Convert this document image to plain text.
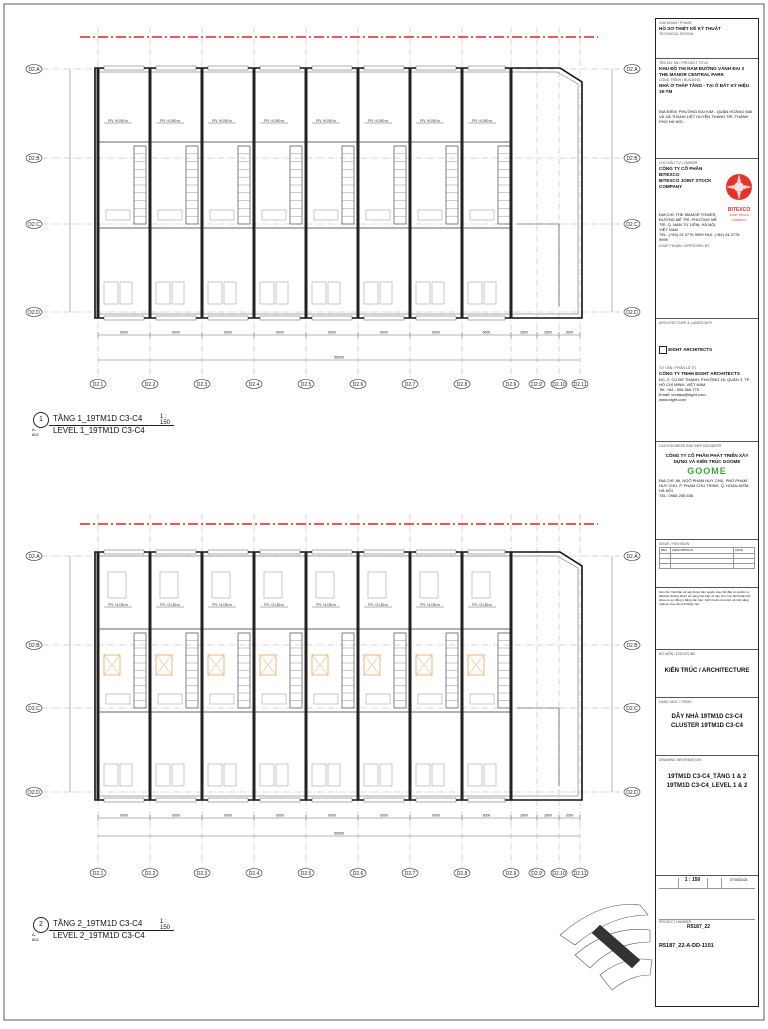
D2.A	D2.A
D2.B	D2.B
D2.C	D2.C
D2.D	D2.D
D2.1	D2.2	D2.3	D2.4	D2.5	D2.6	D2.7	D2.8	D2.9	D2.9' D2.10 D2.11
FFL +0.000 m	FFL +0.000 m	FFL +0.000 m	FFL +0.000 m	FFL +0.000 m	FFL +0.000 m	FFL +0.000 m	FFL +0.000 m
6000	6000	6000	6000	6000	6000	6000	6000	2600	2600	2000
55000
D2.A	D2.A
D2.B	D2.B
D2.C	D2.C
D2.D	D2.D
D2.1	D2.2	D2.3	D2.4	D2.5	D2.6	D2.7	D2.8	D2.9	D2.9' D2.10 D2.11
FFL +4.150 m	FFL +4.150 m	FFL +4.150 m	FFL +4.150 m	FFL +4.150 m	FFL +4.150 m	FFL +4.150 m	FFL +4.150 m
6000	6000	6000	6000	6000	6000	6000	6000	2600	2600	2000
55000
1
A-802
TẦNG 1_19TM1D C3-C4
LEVEL 1_19TM1D C3-C4
1 : 150
2
A-802
TẦNG 2_19TM1D C3-C4
LEVEL 2_19TM1D C3-C4
1 : 150
GIAI ĐOẠN / PHASE
HỒ SƠ THIẾT KẾ KỸ THUẬT
TECHNICAL DESIGN
TÊN DỰ ÁN / PROJECT TITLE
KHU ĐÔ THỊ NAM ĐƯỜNG VÀNH ĐAI 3
THE MANOR CENTRAL PARK
CÔNG TRÌNH / BUILDING
NHÀ Ở THẤP TẦNG - TẠI Ô ĐẤT KÝ HIỆU 19-TM
ĐỊA ĐIỂM: PHƯỜNG ĐẠI KIM - QUẬN HOÀNG MAI VÀ XÃ THANH LIỆT HUYỆN THANH TRÌ, THÀNH PHỐ HÀ NỘI
CHỦ ĐẦU TƯ / OWNER
CÔNG TY CỔ PHẦN BITEXCO
BITEXCO JOINT STOCK COMPANY
BITEXCO
JOINT STOCK COMPANY
ĐỊA CHỈ: THE MANOR TOWER, ĐƯỜNG MỄ TRÌ, PHƯỜNG MỄ TRÌ, Q. NAM TỪ LIÊM, HÀ NỘI, VIỆT NAM
TEL: (+84) 24 3776 9999 FAX: (+84) 24 3776 9999
CHẤP THUẬN / APPROVED BY
ARCHITECTURE & LANDSCAPE
EIGHT ARCHITECTS
TƯ VẤN / PHẤN LÃ TỔ
CÔNG TY TNHH EIGHT ARCHITECTS
ĐC: 2, CÙ ĐỀ THANH, PHƯỜNG 16, QUẬN 3, TP. HỒ CHÍ MINH, VIỆT NAM
Tel: +84 - 906.366.770
Email: contact@eight.com
www.eight.com
C&S ENGINEER AND MEP ENGINEER
CÔNG TY CỔ PHẦN PHÁT TRIỂN XÂY DỰNG VÀ KIẾN TRÚC GOOME
GOOME
ĐỊA CHỈ: 86, NGÕ PHẠM HUY CHÚ, PHỐ PHẠM HUY CHÚ, P. PHẠM CHU TRINH, Q. HOÀN KIẾM, HÀ NỘI
TEL: 0968 255 636
ISSUE / REVISION
REV	DESCRIPTION	DATE

Ghi chú: Các bản vẽ này thuộc bản quyền của chủ đầu tư và đơn vị thiết kế. Không được sử dụng các bản vẽ này cho mục đích khác khi chưa có sự đồng ý bằng văn bản. Kích thước trên bản vẽ tính bằng milimet. Cao độ tính bằng mét.
BỘ MÔN / DISCIPLINE
KIẾN TRÚC / ARCHITECTURE
HẠNG MỤC / ITEMS
DÃY NHÀ 19TM1D C3-C4
CLUSTER 19TM1D C3-C4
DRAWING INFORMATION
19TM1D C3-C4_TẦNG 1 & 2
19TM1D C3-C4_LEVEL 1 & 2
1 : 150	07/05/2024
PROJECT NUMBER
R5187_22
R5187_22-A-DD-1101
